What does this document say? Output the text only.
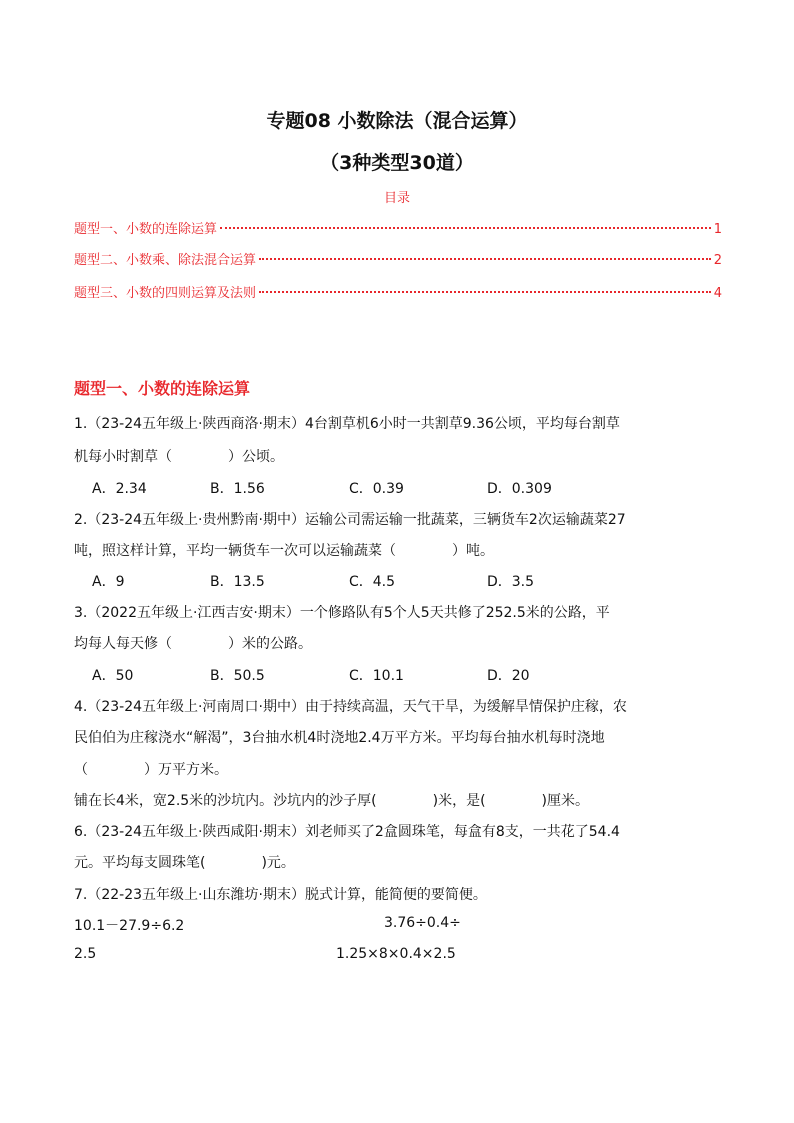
专题08 小数除法（混合运算）
（3种类型30道）
目录
题型一、小数的连除运算	1
题型二、小数乘、除法混合运算	2
题型三、小数的四则运算及法则	4
题型一、小数的连除运算
1.（23-24五年级上·陕西商洛·期末）4台割草机6小时一共割草9.36公顷，平均每台割草
机每小时割草（　　　　）公顷。
A．2.34	B．1.56	C．0.39	D．0.309
2.（23-24五年级上·贵州黔南·期中）运输公司需运输一批蔬菜，三辆货车2次运输蔬菜27
吨，照这样计算，平均一辆货车一次可以运输蔬菜（　　　　）吨。
A．9	B．13.5	C．4.5	D．3.5
3.（2022五年级上·江西吉安·期末）一个修路队有5个人5天共修了252.5米的公路，平
均每人每天修（　　　　）米的公路。
A．50	B．50.5	C．10.1	D．20
4.（23-24五年级上·河南周口·期中）由于持续高温，天气干旱，为缓解旱情保护庄稼，农
民伯伯为庄稼浇水“解渴”，3台抽水机4时浇地2.4万平方米。平均每台抽水机每时浇地
（　　　　）万平方米。
铺在长4米，宽2.5米的沙坑内。沙坑内的沙子厚(　　　　)米，是(　　　　)厘米。
6.（23-24五年级上·陕西咸阳·期末）刘老师买了2盒圆珠笔，每盒有8支，一共花了54.4
元。平均每支圆珠笔(　　　　)元。
7.（22-23五年级上·山东潍坊·期末）脱式计算，能简便的要简便。
10.1－27.9÷6.2	3.76÷0.4÷
2.5	1.25×8×0.4×2.5
